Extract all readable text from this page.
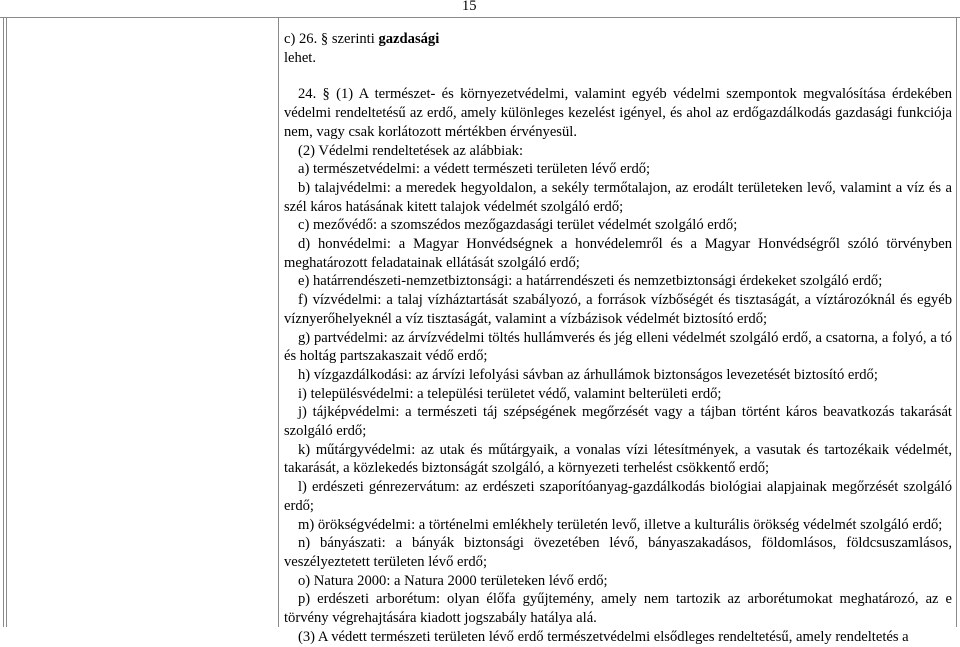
15

c) 26. § szerinti gazdasági

lehet.

24. § (1) A természet- és környezetvédelmi, valamint egyéb védelmi szempontok megvalósítása érdekében védelmi rendeltetésű az erdő, amely különleges kezelést igényel, és ahol az erdőgazdálkodás gazdasági funkciója nem, vagy csak korlátozott mértékben érvényesül.

(2) Védelmi rendeltetések az alábbiak:

a) természetvédelmi: a védett természeti területen lévő erdő;

b) talajvédelmi: a meredek hegyoldalon, a sekély termőtalajon, az erodált területeken levő, valamint a víz és a szél káros hatásának kitett talajok védelmét szolgáló erdő;

c) mezővédő: a szomszédos mezőgazdasági terület védelmét szolgáló erdő;

d) honvédelmi: a Magyar Honvédségnek a honvédelemről és a Magyar Honvédségről szóló törvényben meghatározott feladatainak ellátását szolgáló erdő;

e) határrendészeti-nemzetbiztonsági: a határrendészeti és nemzetbiztonsági érdekeket szolgáló erdő;

f) vízvédelmi: a talaj vízháztartását szabályozó, a források vízbőségét és tisztaságát, a víztározóknál és egyéb víznyerőhelyeknél a víz tisztaságát, valamint a vízbázisok védelmét biztosító erdő;

g) partvédelmi: az árvízvédelmi töltés hullámverés és jég elleni védelmét szolgáló erdő, a csatorna, a folyó, a tó és holtág partszakaszait védő erdő;

h) vízgazdálkodási: az árvízi lefolyási sávban az árhullámok biztonságos levezetését biztosító erdő;

i) településvédelmi: a települési területet védő, valamint belterületi erdő;

j) tájképvédelmi: a természeti táj szépségének megőrzését vagy a tájban történt káros beavatkozás takarását szolgáló erdő;

k) műtárgyvédelmi: az utak és műtárgyaik, a vonalas vízi létesítmények, a vasutak és tartozékaik védelmét, takarását, a közlekedés biztonságát szolgáló, a környezeti terhelést csökkentő erdő;

l) erdészeti génrezervátum: az erdészeti szaporítóanyag-gazdálkodás biológiai alapjainak megőrzését szolgáló erdő;

m) örökségvédelmi: a történelmi emlékhely területén levő, illetve a kulturális örökség védelmét szolgáló erdő;

n) bányászati: a bányák biztonsági övezetében lévő, bányaszakadásos, földomlásos, földcsuszamlásos, veszélyeztetett területen lévő erdő;

o) Natura 2000: a Natura 2000 területeken lévő erdő;

p) erdészeti arborétum: olyan élőfa gyűjtemény, amely nem tartozik az arborétumokat meghatározó, az e törvény végrehajtására kiadott jogszabály hatálya alá.

(3) A védett természeti területen lévő erdő természetvédelmi elsődleges rendeltetésű, amely rendeltetés a
